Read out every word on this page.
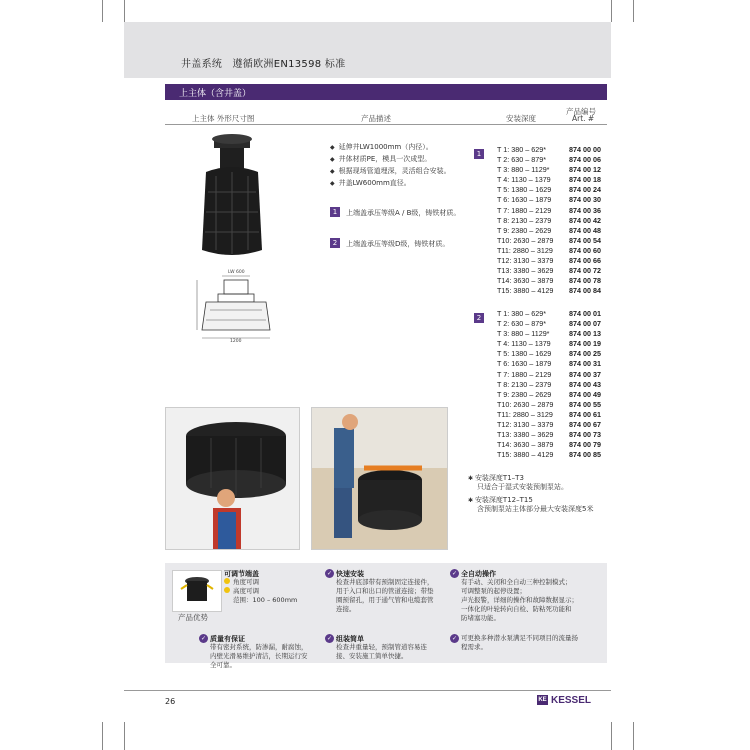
井盖系统　遵循欧洲EN13598 标准
上主体（含井盖）
上主体 外形尺寸图	产品描述	安装深度
产品编号
Art. #
LW 600
1200
◆ 延伸井LW1000mm（内径）。
◆ 井体材质PE，模具一次成型。
◆ 根据现场管道埋深，灵活组合安装。
◆ 井盖LW600mm直径。
1	上端盖承压等级A / B级，铸铁材质。
2	上端盖承压等级D级，铸铁材质。
1	T 1: 380 – 629*	874 00 00
T 2: 630 – 879*	874 00 06
T 3: 880 – 1129*	874 00 12
T 4: 1130 – 1379	874 00 18
T 5: 1380 – 1629 874 00 24
T 6: 1630 – 1879 874 00 30
T 7: 1880 – 2129 874 00 36
T 8: 2130 – 2379 874 00 42
T 9: 2380 – 2629 874 00 48
T10: 2630 – 2879 874 00 54
T11: 2880 – 3129 874 00 60
T12: 3130 – 3379 874 00 66
T13: 3380 – 3629 874 00 72
T14: 3630 – 3879 874 00 78
T15: 3880 – 4129 874 00 84
2	T 1: 380 – 629*	874 00 01
T 2: 630 – 879*	874 00 07
T 3: 880 – 1129*	874 00 13
T 4: 1130 – 1379	874 00 19
T 5: 1380 – 1629 874 00 25
T 6: 1630 – 1879 874 00 31
T 7: 1880 – 2129 874 00 37
T 8: 2130 – 2379 874 00 43
T 9: 2380 – 2629 874 00 49
T10: 2630 – 2879 874 00 55
T11: 2880 – 3129 874 00 61
T12: 3130 – 3379 874 00 67
T13: 3380 – 3629 874 00 73
T14: 3630 – 3879 874 00 79
T15: 3880 – 4129 874 00 85
✱ 安装深度T1–T3
只适合于湿式安装预制泵站。
✱ 安装深度T12–T15
含预制泵站主体部分最大安装深度5米
产品优势
可调节端盖
角度可调
高度可调
范围：100 – 600mm
✓ 质量有保证
带有密封系统，防渗漏，耐腐蚀，
内壁光滑易维护清洁，长期运行安
全可靠。
✓ 快速安装
检查井底部带有预制固定连接件，
用于入口和出口的管道连接；带垫
圈预留孔，用于通气管和电缆套管
连接。
✓ 组装简单
检查井重量轻，预制管道容易连
接、安装施工简单快捷。
✓ 全自动操作
有手动、关闭和全自动三种控制模式；
可调整泵的起停设置；
声光报警，详细的操作和故障数据显示；
一体化的叶轮转向自检、防粘死功能和
防堵塞功能。
✓ 可更换多种潜水泵满足不同项目的流量扬
程需求。
26	KE KESSEL
